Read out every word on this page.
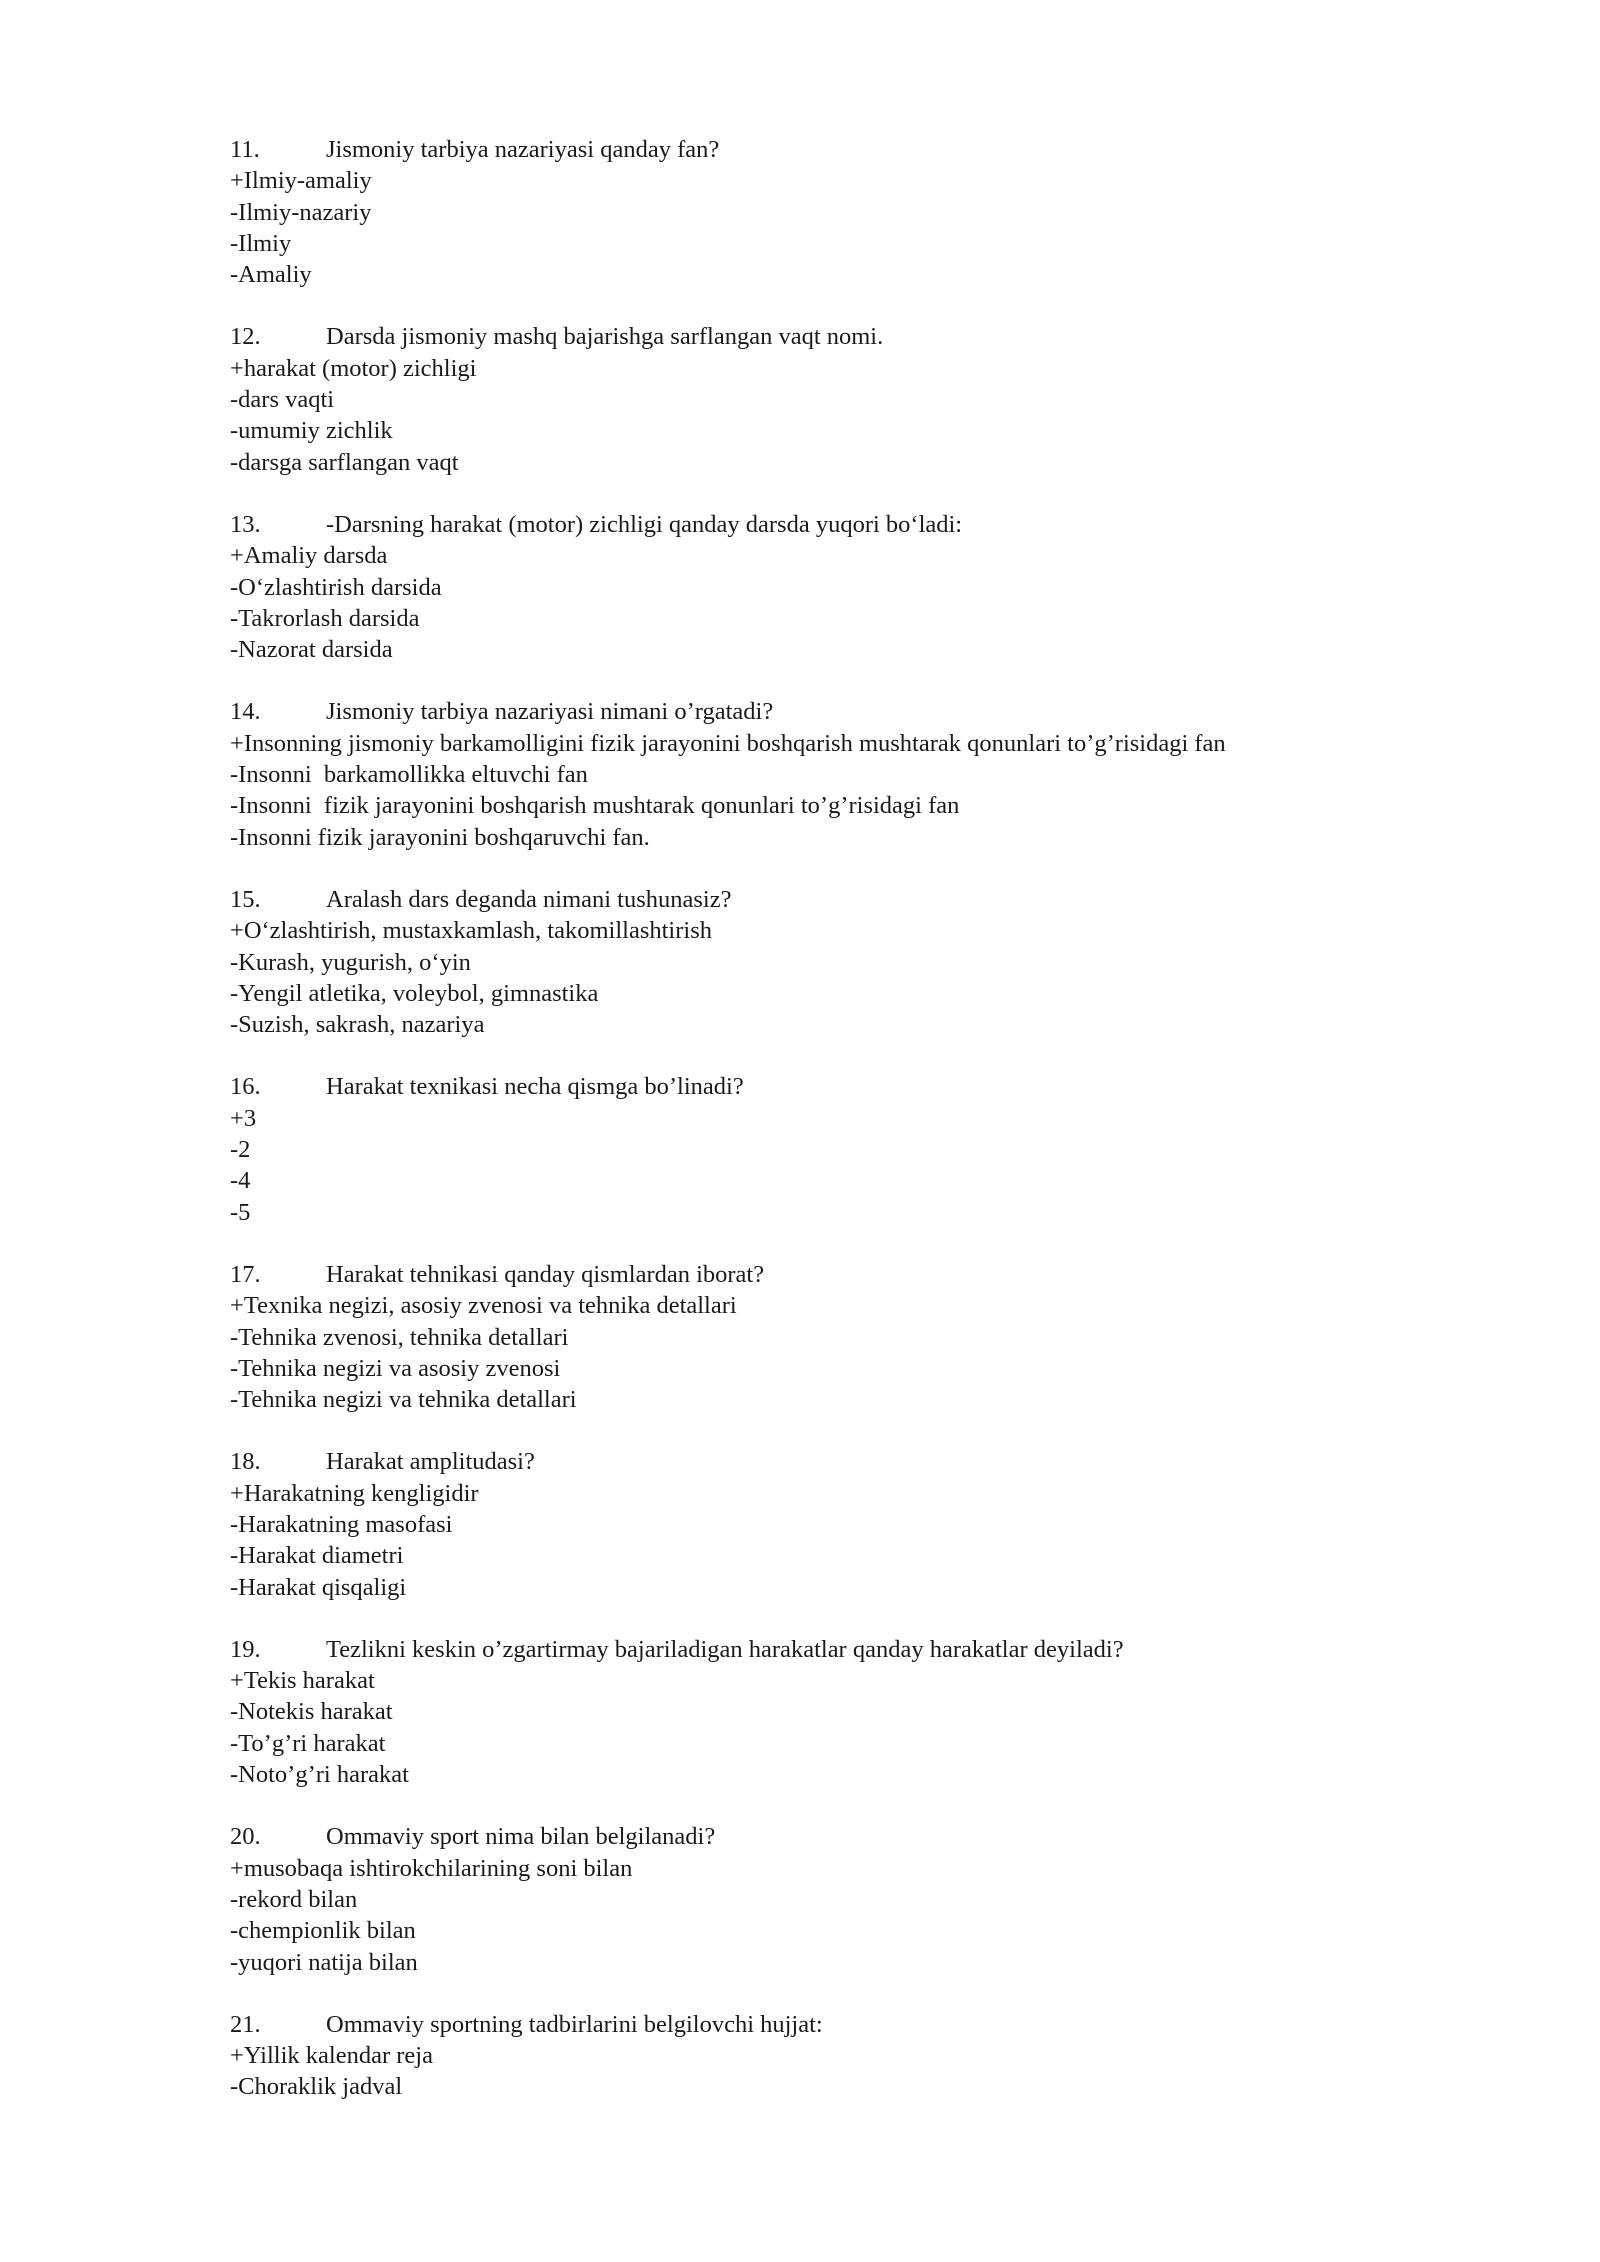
11.	Jismoniy tarbiya nazariyasi qanday fan?
+Ilmiy-amaliy
-Ilmiy-nazariy
-Ilmiy
-Amaliy
12.	Darsda jismoniy mashq bajarishga sarflangan vaqt nomi.
+harakat (motor) zichligi
-dars vaqti
-umumiy zichlik
-darsga sarflangan vaqt
13.	-Darsning harakat (motor) zichligi qanday darsda yuqori bo‘ladi:
+Amaliy darsda
-O‘zlashtirish darsida
-Takrorlash darsida
-Nazorat darsida
14.	Jismoniy tarbiya nazariyasi nimani o’rgatadi?
+Insonning jismoniy barkamolligini fizik jarayonini boshqarish mushtarak qonunlari to’g’risidagi fan
-Insonni  barkamollikka eltuvchi fan
-Insonni  fizik jarayonini boshqarish mushtarak qonunlari to’g’risidagi fan
-Insonni fizik jarayonini boshqaruvchi fan.
15.	Aralash dars deganda nimani tushunasiz?
+O‘zlashtirish, mustaxkamlash, takomillashtirish
-Kurash, yugurish, o‘yin
-Yengil atletika, voleybol, gimnastika
-Suzish, sakrash, nazariya
16.	Harakat texnikasi necha qismga bo’linadi?
+3
-2
-4
-5
17.	Harakat tehnikasi qanday qismlardan iborat?
+Texnika negizi, asosiy zvenosi va tehnika detallari
-Tehnika zvenosi, tehnika detallari
-Tehnika negizi va asosiy zvenosi
-Tehnika negizi va tehnika detallari
18.	Harakat amplitudasi?
+Harakatning kengligidir
-Harakatning masofasi
-Harakat diametri
-Harakat qisqaligi
19.	Tezlikni keskin o’zgartirmay bajariladigan harakatlar qanday harakatlar deyiladi?
+Tekis harakat
-Notekis harakat
-To’g’ri harakat
-Noto’g’ri harakat
20.	Ommaviy sport nima bilan belgilanadi?
+musobaqa ishtirokchilarining soni bilan
-rekord bilan
-chempionlik bilan
-yuqori natija bilan
21.	Ommaviy sportning tadbirlarini belgilovchi hujjat:
+Yillik kalendar reja
-Choraklik jadval
